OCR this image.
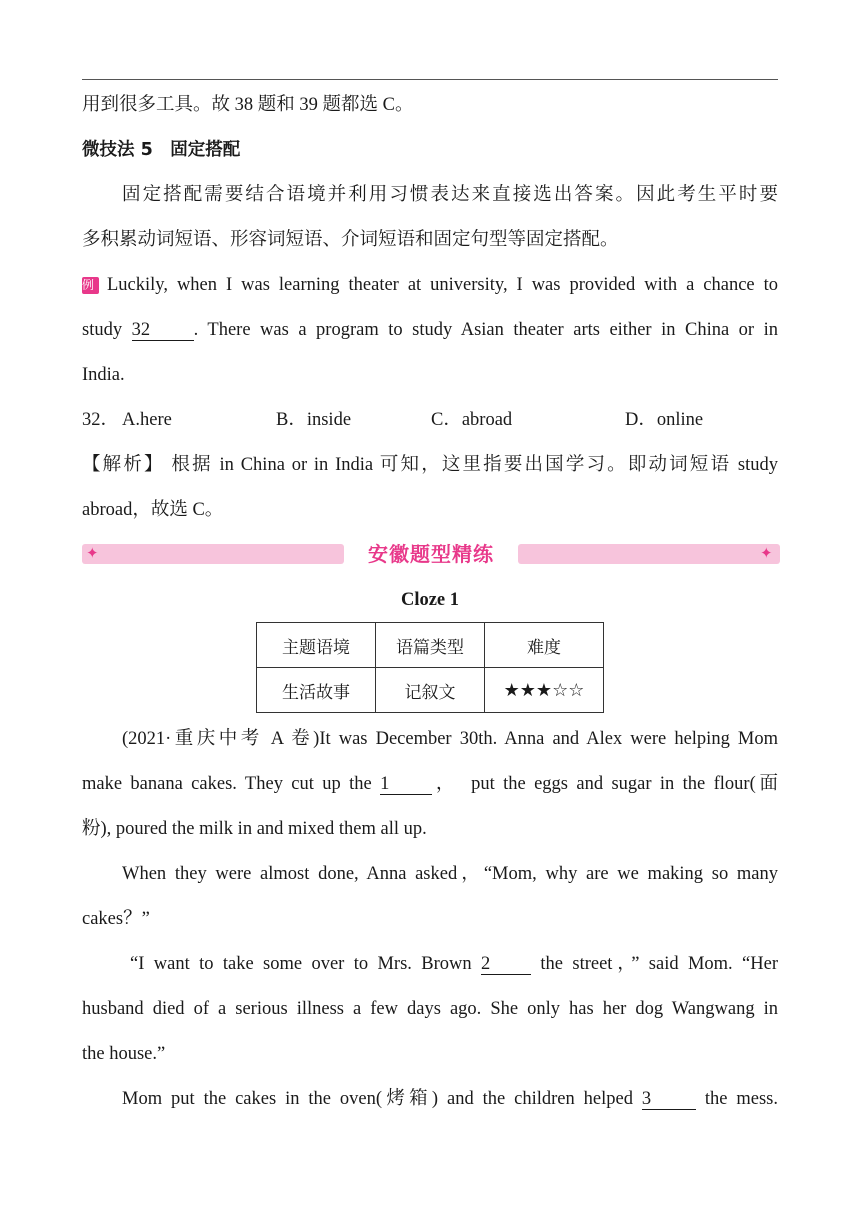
用到很多工具。故 38 题和 39 题都选 C。
微技法 5　固定搭配
固定搭配需要结合语境并利用习惯表达来直接选出答案。因此考生平时要
多积累动词短语、形容词短语、介词短语和固定句型等固定搭配。
例 Luckily, when I was learning theater at university, I was provided with a chance to
study 32 . There was a program to study Asian theater arts either in China or in
India.
32． A.here	B．inside	C．abroad	D．online
【解析】 根据 in China or in India 可知，这里指要出国学习。即动词短语 study
abroad，故选 C。
✦	✦
安徽题型精练
Cloze 1
主题语境	语篇类型	难度
生活故事	记叙文	★★★☆☆
(2021·重庆中考 A 卷)It was December 30th. Anna and Alex were helping Mom
make banana cakes. They cut up the 1 ，　put the eggs and sugar in the flour(面
粉), poured the milk in and mixed them all up.
When they were almost done, Anna asked，“Mom, why are we making so many
cakes？”
“I want to take some over to Mrs. Brown 2 the street，” said Mom. “Her
husband died of a serious illness a few days ago. She only has her dog Wangwang in
the house.”
Mom put the cakes in the oven(烤箱) and the children helped 3 the mess.
